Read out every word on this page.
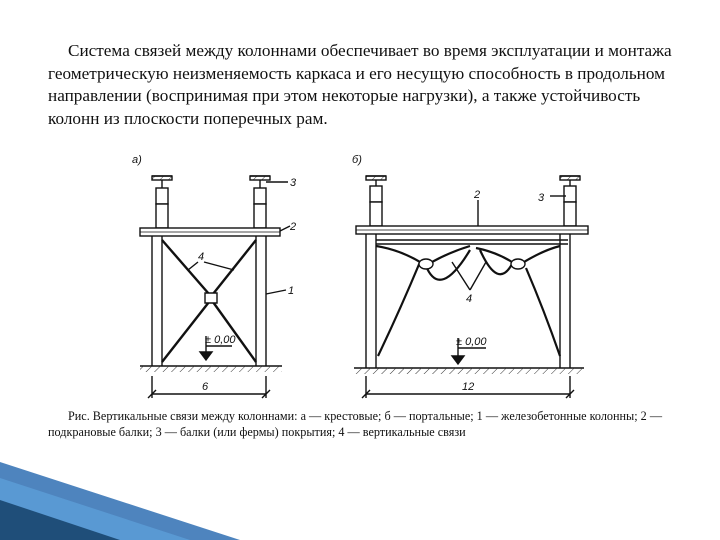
Система связей между колоннами обеспечивает во время эксплуатации и монтажа геометрическую неизменяемость каркаса и его несущую способность в продольном направлении (воспринимая при этом некоторые нагрузки), а также устойчивость колонн из плоскости поперечных рам.

а)
± 0,00
6
3
2
1
4
б)
± 0,00
12
3
2
4

Рис. Вертикальные связи между колоннами: а — крестовые; б — портальные; 1 — железобетонные колонны; 2 — подкрановые балки; 3 — балки (или фермы) покрытия; 4 — вертикальные связи
